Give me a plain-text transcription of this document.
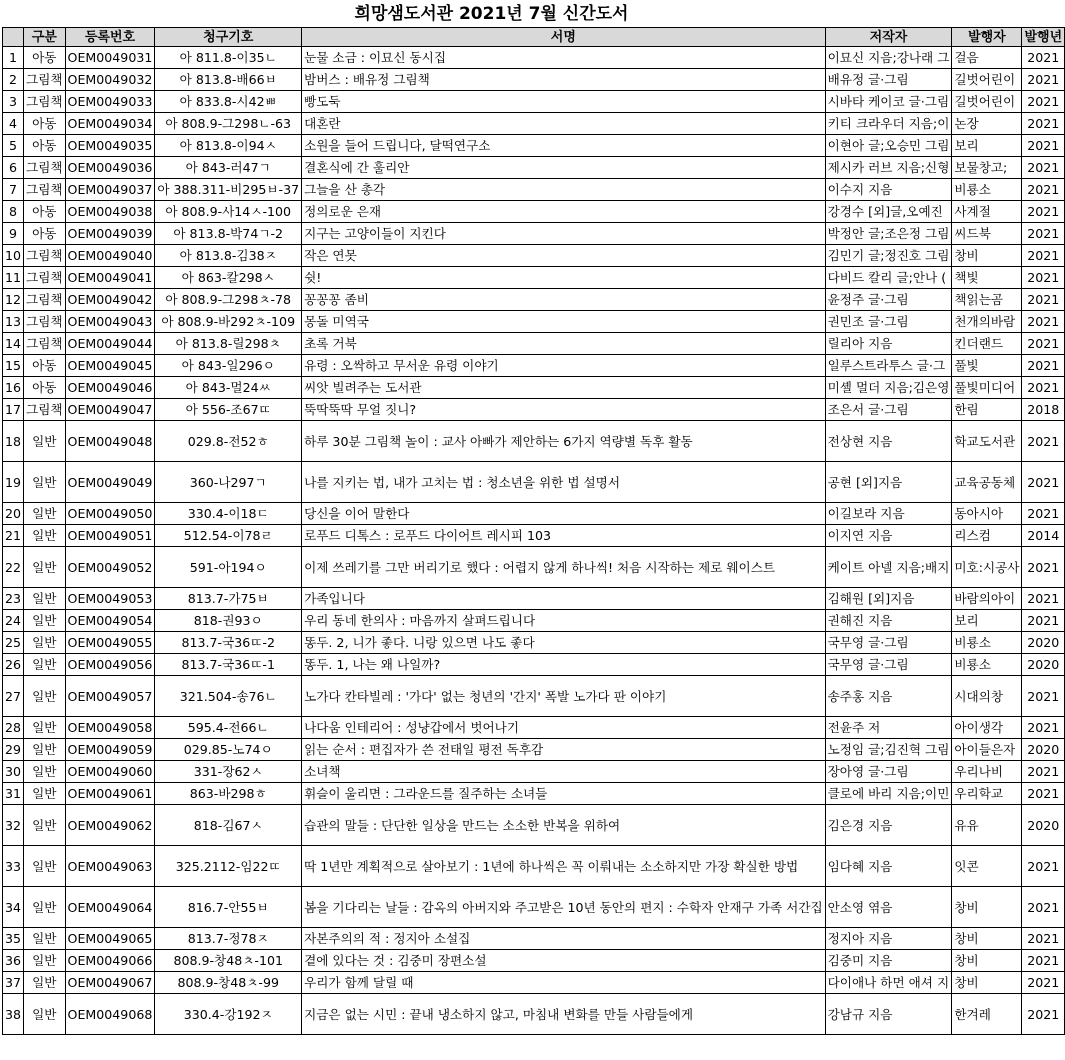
희망샘도서관 2021년 7월 신간도서
	구분	등록번호	청구기호	서명	저작자	발행자	발행년
1	아동	OEM0049031	아 811.8-이35ㄴ	눈물 소금 : 이묘신 동시집	이묘신 지음;강나래 그	걸음	2021
2	그림책	OEM0049032	아 813.8-배66ㅂ	밤버스 : 배유정 그림책	배유정 글·그림	길벗어린이	2021
3	그림책	OEM0049033	아 833.8-시42ㅃ	빵도둑	시바타 케이코 글·그림	길벗어린이	2021
4	아동	OEM0049034	아 808.9-그298ㄴ-63	대혼란	키티 크라우더 지음;이	논장	2021
5	아동	OEM0049035	아 813.8-이94ㅅ	소원을 들어 드립니다, 달떡연구소	이현아 글;오승민 그림	보리	2021
6	그림책	OEM0049036	아 843-러47ㄱ	결혼식에 간 훌리안	제시카 러브 지음;신형	보물창고;	2021
7	그림책	OEM0049037	아 388.311-비295ㅂ-37	그늘을 산 총각	이수지 지음	비룡소	2021
8	아동	OEM0049038	아 808.9-사14ㅅ-100	정의로운 은재	강경수 [외]글,오예진	사계절	2021
9	아동	OEM0049039	아 813.8-박74ㄱ-2	지구는 고양이들이 지킨다	박정안 글;조은정 그림	씨드북	2021
10	그림책	OEM0049040	아 813.8-김38ㅈ	작은 연못	김민기 글;정진호 그림	창비	2021
11	그림책	OEM0049041	아 863-칼298ㅅ	쉿!	다비드 칼리 글;안나 (	책빛	2021
12	그림책	OEM0049042	아 808.9-그298ㅊ-78	꽁꽁꽁 좀비	윤정주 글·그림	책읽는곰	2021
13	그림책	OEM0049043	아 808.9-바292ㅊ-109	몽돌 미역국	권민조 글·그림	천개의바람	2021
14	그림책	OEM0049044	아 813.8-릴298ㅊ	초록 거북	릴리아 지음	킨더랜드	2021
15	아동	OEM0049045	아 843-일296ㅇ	유령 : 오싹하고 무서운 유령 이야기	일루스트라투스 글·그	풀빛	2021
16	아동	OEM0049046	아 843-멀24ㅆ	씨앗 빌려주는 도서관	미셸 멀더 지음;김은영	풀빛미디어	2021
17	그림책	OEM0049047	아 556-조67ㄸ	뚝딱뚝딱 무얼 짓니?	조은서 글·그림	한림	2018
18	일반	OEM0049048	029.8-전52ㅎ	하루 30분 그림책 놀이 : 교사 아빠가 제안하는 6가지 역량별 독후 활동	전상현 지음	학교도서관	2021
19	일반	OEM0049049	360-나297ㄱ	나를 지키는 법, 내가 고치는 법 : 청소년을 위한 법 설명서	공현 [외]지음	교육공동체	2021
20	일반	OEM0049050	330.4-이18ㄷ	당신을 이어 말한다	이길보라 지음	동아시아	2021
21	일반	OEM0049051	512.54-이78ㄹ	로푸드 디톡스 : 로푸드 다이어트 레시피 103	이지연 지음	리스컴	2014
22	일반	OEM0049052	591-아194ㅇ	이제 쓰레기를 그만 버리기로 했다 : 어렵지 않게 하나씩! 처음 시작하는 제로 웨이스트	케이트 아넬 지음;배지	미호:시공사	2021
23	일반	OEM0049053	813.7-가75ㅂ	가족입니다	김해원 [외]지음	바람의아이	2021
24	일반	OEM0049054	818-권93ㅇ	우리 동네 한의사 : 마음까지 살펴드립니다	권해진 지음	보리	2021
25	일반	OEM0049055	813.7-국36ㄸ-2	똥두. 2, 니가 좋다. 니랑 있으면 나도 좋다	국무영 글·그림	비룡소	2020
26	일반	OEM0049056	813.7-국36ㄸ-1	똥두. 1, 나는 왜 나일까?	국무영 글·그림	비룡소	2020
27	일반	OEM0049057	321.504-송76ㄴ	노가다 칸타빌레 : '가다' 없는 청년의 '간지' 폭발 노가다 판 이야기	송주홍 지음	시대의창	2021
28	일반	OEM0049058	595.4-전66ㄴ	나다움 인테리어 : 성냥갑에서 벗어나기	전윤주 저	아이생각	2021
29	일반	OEM0049059	029.85-노74ㅇ	읽는 순서 : 편집자가 쓴 전태일 평전 독후감	노정임 글;김진혁 그림	아이들은자	2020
30	일반	OEM0049060	331-장62ㅅ	소녀책	장아영 글·그림	우리나비	2021
31	일반	OEM0049061	863-바298ㅎ	휘슬이 울리면 : 그라운드를 질주하는 소녀들	클로에 바리 지음;이민	우리학교	2021
32	일반	OEM0049062	818-김67ㅅ	습관의 말들 : 단단한 일상을 만드는 소소한 반복을 위하여	김은경 지음	유유	2020
33	일반	OEM0049063	325.2112-임22ㄸ	딱 1년만 계획적으로 살아보기 : 1년에 하나씩은 꼭 이뤄내는 소소하지만 가장 확실한 방법	임다혜 지음	잇콘	2021
34	일반	OEM0049064	816.7-안55ㅂ	봄을 기다리는 날들 : 감옥의 아버지와 주고받은 10년 동안의 편지 : 수학자 안재구 가족 서간집	안소영 엮음	창비	2021
35	일반	OEM0049065	813.7-정78ㅈ	자본주의의 적 : 정지아 소설집	정지아 지음	창비	2021
36	일반	OEM0049066	808.9-창48ㅊ-101	곁에 있다는 것 : 김중미 장편소설	김중미 지음	창비	2021
37	일반	OEM0049067	808.9-창48ㅊ-99	우리가 함께 달릴 때	다이애나 하먼 애셔 지	창비	2021
38	일반	OEM0049068	330.4-강192ㅈ	지금은 없는 시민 : 끝내 냉소하지 않고, 마침내 변화를 만들 사람들에게	강남규 지음	한겨레	2021
